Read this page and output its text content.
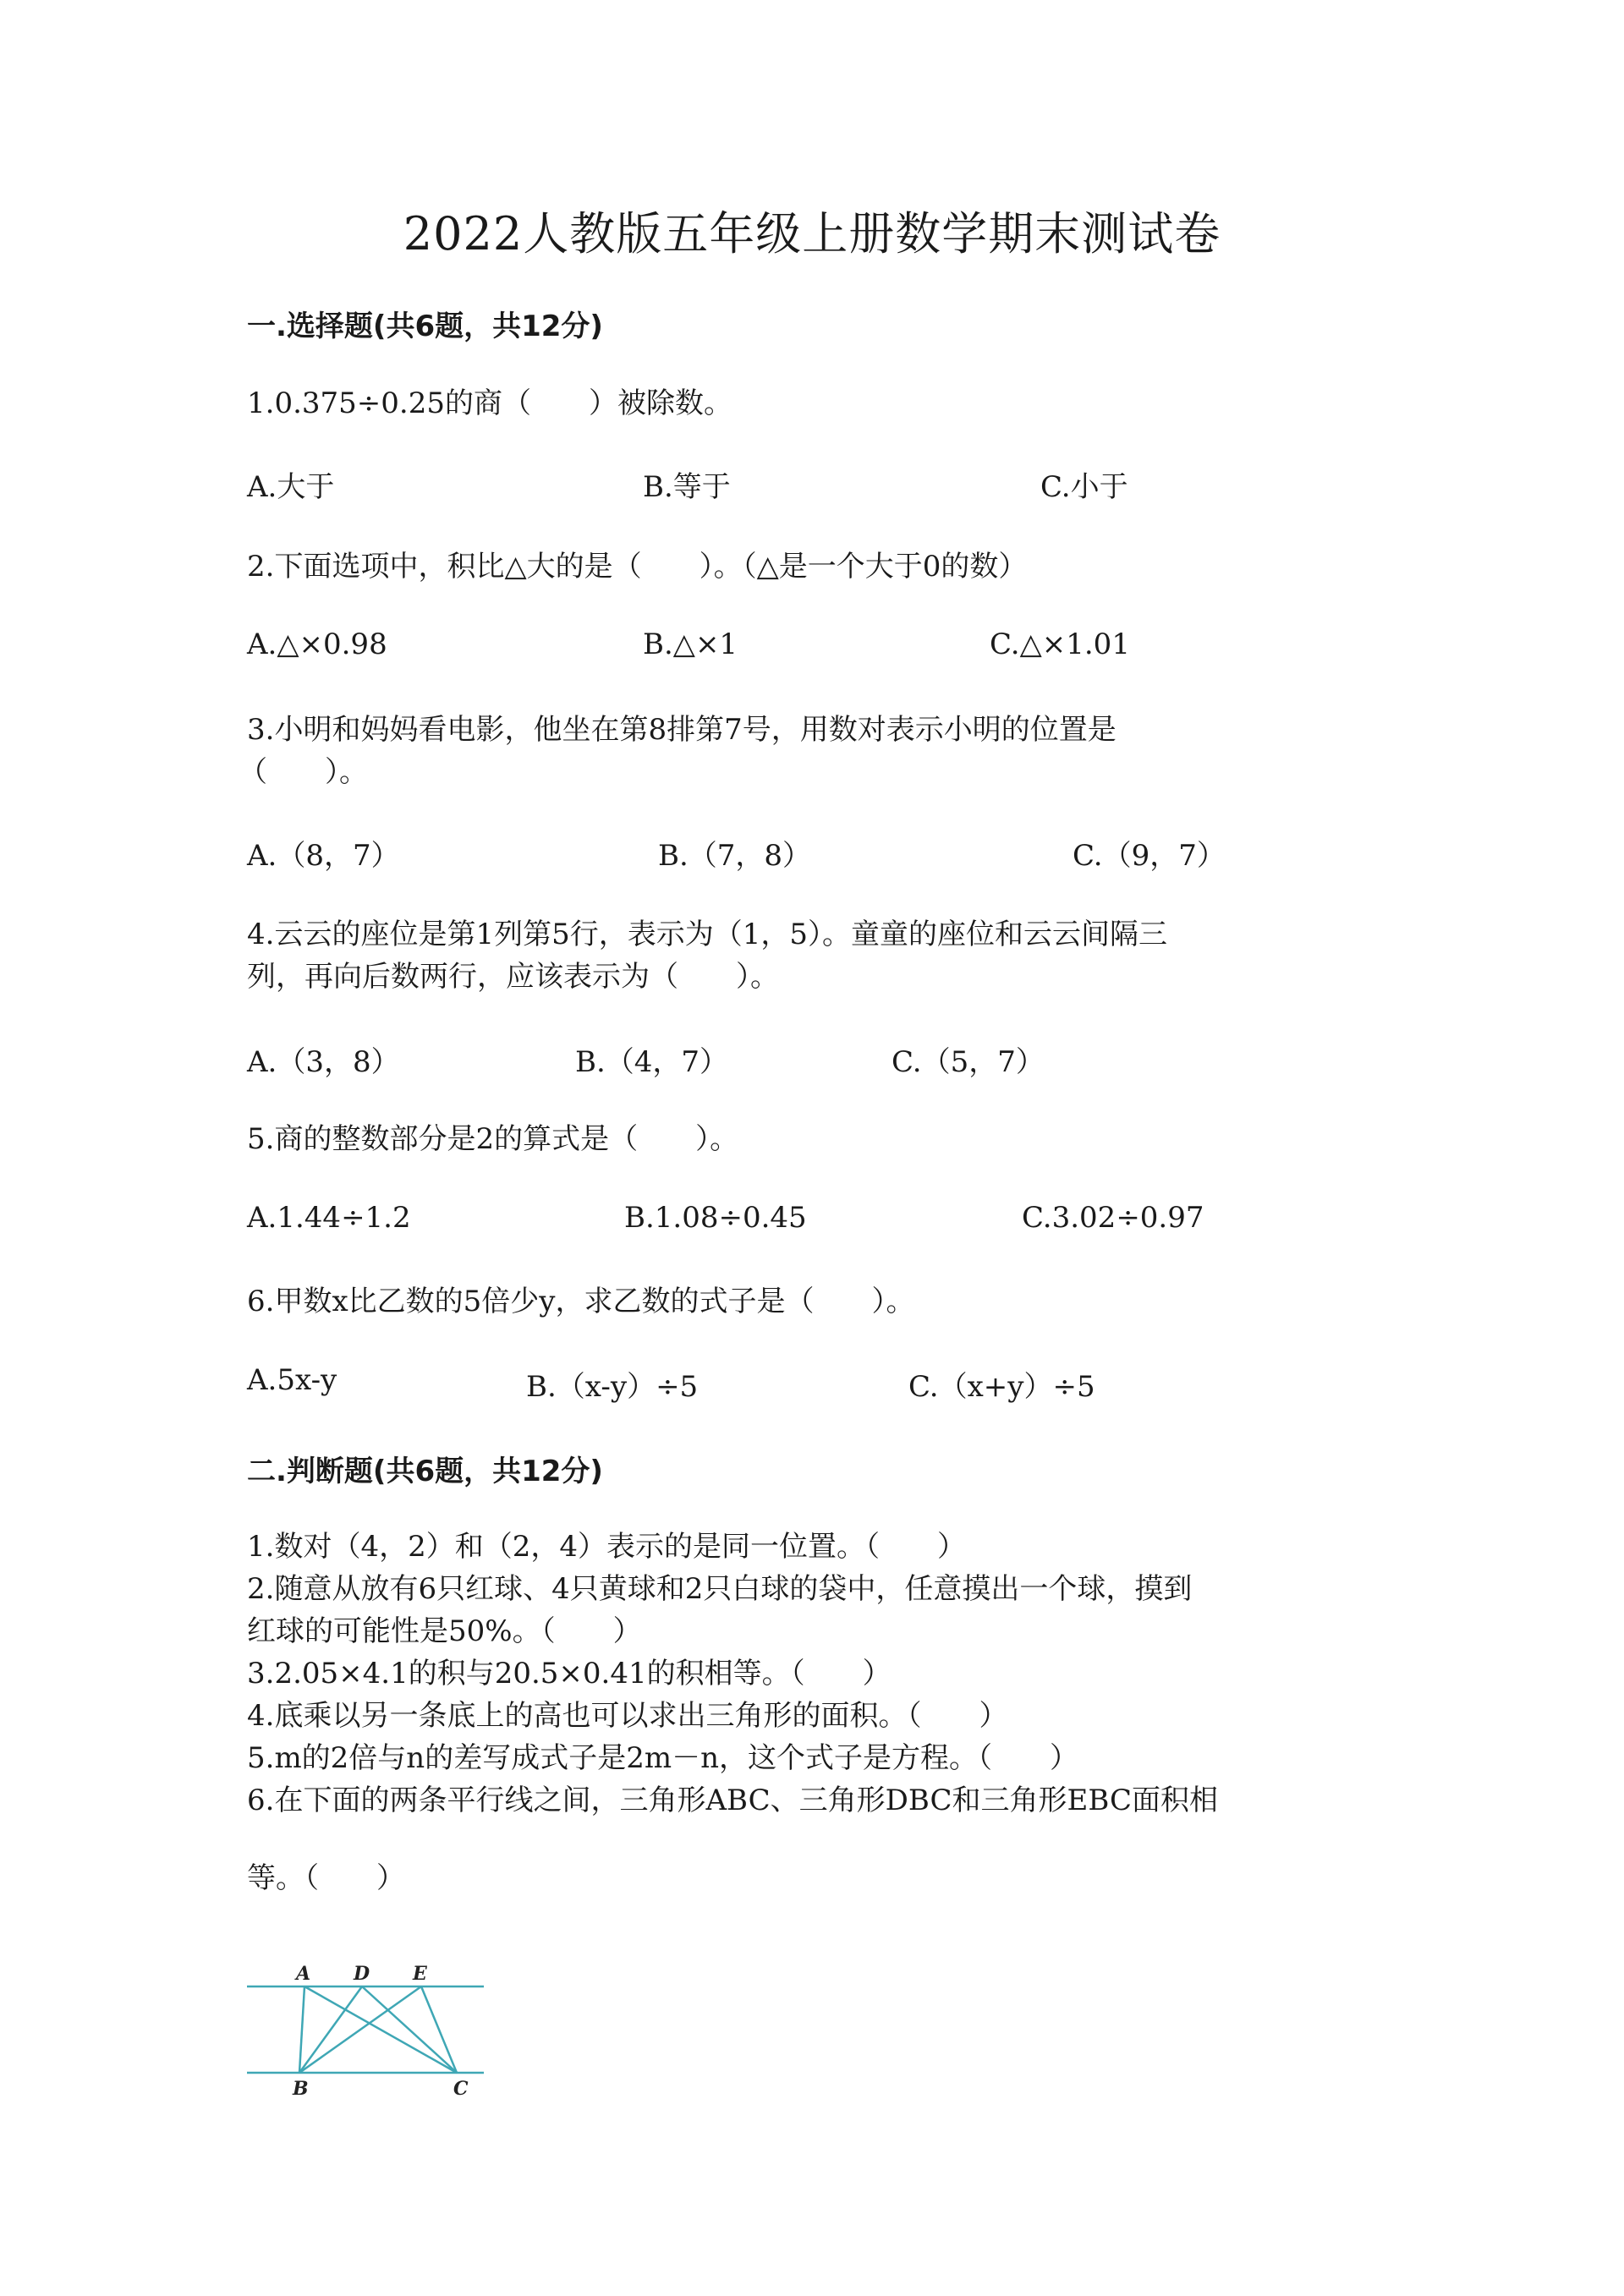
2022人教版五年级上册数学期末测试卷
一.选择题(共6题，共12分)
1.0.375÷0.25的商（　　）被除数。
A.大于	B.等于	C.小于
2.下面选项中，积比△大的是（　　）。（△是一个大于0的数）
A.△×0.98	B.△×1	C.△×1.01
3.小明和妈妈看电影，他坐在第8排第7号，用数对表示小明的位置是
（　　）。
A.（8，7）	B.（7，8）	C.（9，7）
4.云云的座位是第1列第5行，表示为（1，5）。童童的座位和云云间隔三
列，再向后数两行，应该表示为（　　）。
A.（3，8）	B.（4，7）	C.（5，7）
5.商的整数部分是2的算式是（　　）。
A.1.44÷1.2	B.1.08÷0.45	C.3.02÷0.97
6.甲数x比乙数的5倍少y，求乙数的式子是（　　）。
A.5x-y	B.（x-y）÷5	C.（x+y）÷5
二.判断题(共6题，共12分)
1.数对（4，2）和（2，4）表示的是同一位置。（　　）
2.随意从放有6只红球、4只黄球和2只白球的袋中，任意摸出一个球，摸到
红球的可能性是50%。（　　）
3.2.05×4.1的积与20.5×0.41的积相等。（　　）
4.底乘以另一条底上的高也可以求出三角形的面积。（　　）
5.m的2倍与n的差写成式子是2m－n，这个式子是方程。（　　）
6.在下面的两条平行线之间，三角形ABC、三角形DBC和三角形EBC面积相
等。（　　）
A D E
B	C
